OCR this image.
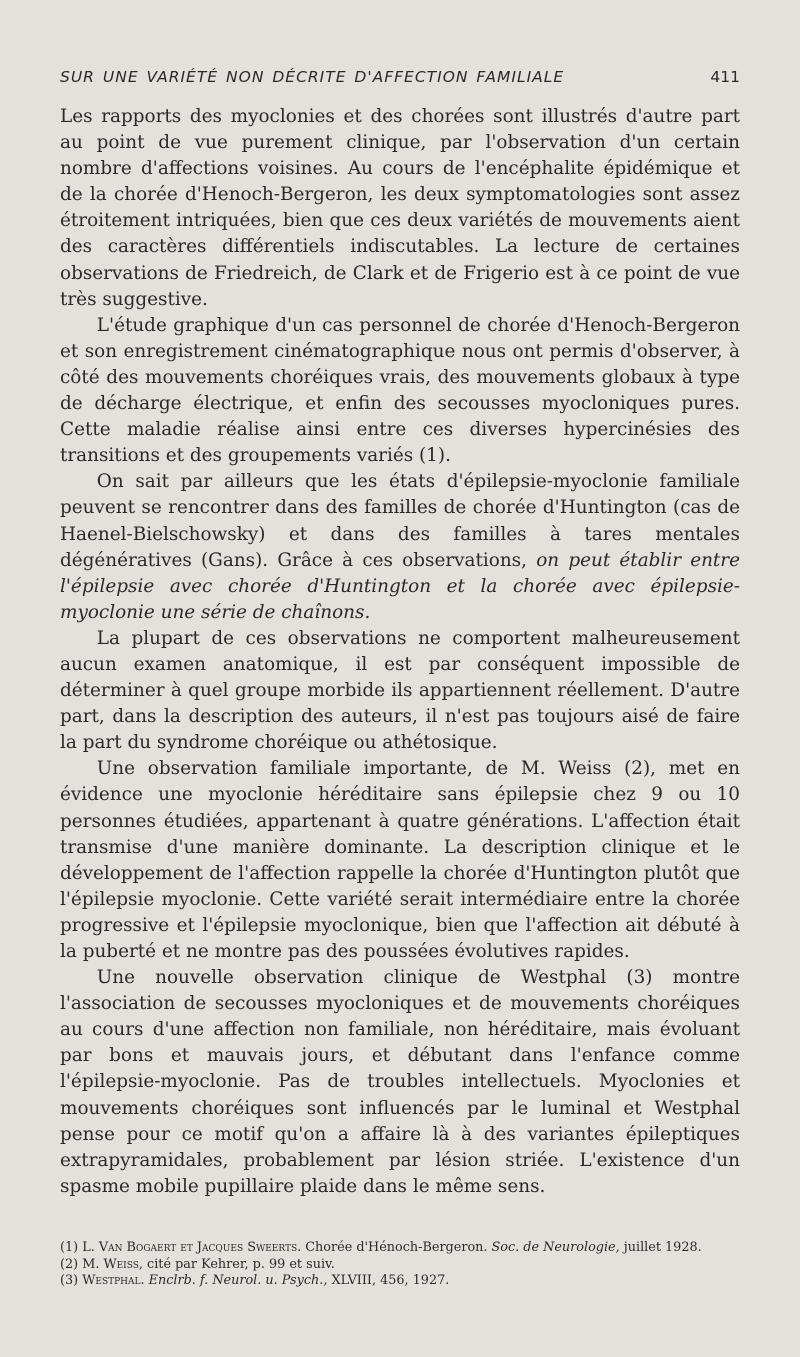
SUR UNE VARIÉTÉ NON DÉCRITE D'AFFECTION FAMILIALE	411

Les rapports des myoclonies et des chorées sont illustrés d'autre part au point de vue purement clinique, par l'observation d'un certain nombre d'affections voisines. Au cours de l'encéphalite épidémique et de la chorée d'Henoch-Bergeron, les deux symptomatologies sont assez étroitement intriquées, bien que ces deux variétés de mouvements aient des caractères différentiels indiscutables. La lecture de certaines observations de Friedreich, de Clark et de Frigerio est à ce point de vue très suggestive.

L'étude graphique d'un cas personnel de chorée d'Henoch-Bergeron et son enregistrement cinématographique nous ont permis d'observer, à côté des mouvements choréiques vrais, des mouvements globaux à type de décharge électrique, et enfin des secousses myocloniques pures. Cette maladie réalise ainsi entre ces diverses hypercinésies des transitions et des groupements variés (1).

On sait par ailleurs que les états d'épilepsie-myoclonie familiale peuvent se rencontrer dans des familles de chorée d'Huntington (cas de Haenel-Bielschowsky) et dans des familles à tares mentales dégénératives (Gans). Grâce à ces observations, on peut établir entre l'épilepsie avec chorée d'Huntington et la chorée avec épilepsie-myoclonie une série de chaînons.

La plupart de ces observations ne comportent malheureusement aucun examen anatomique, il est par conséquent impossible de déterminer à quel groupe morbide ils appartiennent réellement. D'autre part, dans la description des auteurs, il n'est pas toujours aisé de faire la part du syndrome choréique ou athétosique.

Une observation familiale importante, de M. Weiss (2), met en évidence une myoclonie héréditaire sans épilepsie chez 9 ou 10 personnes étudiées, appartenant à quatre générations. L'affection était transmise d'une manière dominante. La description clinique et le développement de l'affection rappelle la chorée d'Huntington plutôt que l'épilepsie myoclonie. Cette variété serait intermédiaire entre la chorée progressive et l'épilepsie myoclonique, bien que l'affection ait débuté à la puberté et ne montre pas des poussées évolutives rapides.

Une nouvelle observation clinique de Westphal (3) montre l'association de secousses myocloniques et de mouvements choréiques au cours d'une affection non familiale, non héréditaire, mais évoluant par bons et mauvais jours, et débutant dans l'enfance comme l'épilepsie-myoclonie. Pas de troubles intellectuels. Myoclonies et mouvements choréiques sont influencés par le luminal et Westphal pense pour ce motif qu'on a affaire là à des variantes épileptiques extrapyramidales, probablement par lésion striée. L'existence d'un spasme mobile pupillaire plaide dans le même sens.

(1) L. Van Bogaert et Jacques Sweerts. Chorée d'Hénoch-Bergeron. Soc. de Neurologie, juillet 1928.
(2) M. Weiss, cité par Kehrer, p. 99 et suiv.
(3) Westphal. Enclrb. f. Neurol. u. Psych., XLVIII, 456, 1927.
